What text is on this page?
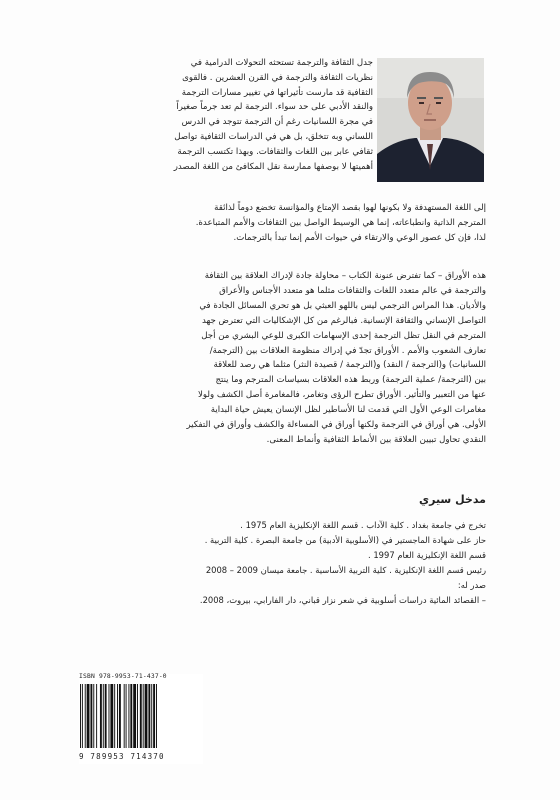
جدل الثقافة والترجمة تستحثه التحولات الدرامية في
نظريات الثقافة والترجمة في القرن العشرين . فالقوى
الثقافية قد مارست تأثيراتها في تغيير مسارات الترجمة
والنقد الأدبي على حد سواء. الترجمة لم تعد جرماً صغيراً
في مجرة اللسانيات رغم أن الترجمة تتوجد في الدرس
اللساني وبه تتخلق، بل هي في الدراسات الثقافية تواصل
ثقافي عابر بين اللغات والثقافات. وبهذا تكتسب الترجمة
أهميتها لا بوصفها ممارسة نقل المكافئ من اللغة المصدر
إلى اللغة المستهدفة ولا بكونها لهوا بقصد الإمتاع والمؤانسة تخضع دوماً لذائقة
المترجم الذاتية وانطباعاته، إنما هي الوسيط الواصل بين الثقافات والأمم المتباعدة.
لذا، فإن كل عصور الوعي والارتقاء في حيوات الأمم إنما تبدأ بالترجمات.
هذه الأوراق – كما تفترض عنونة الكتاب – محاولة جادة لإدراك العلاقة بين الثقافة
والترجمة في عالم متعدد اللغات والثقافات مثلما هو متعدد الأجناس والأعراق
والأديان. هذا المراس الترجمي ليس باللهو العبثي بل هو تحري المسائل الجادة في
التواصل الإنساني والثقافة الإنسانية. فبالرغم من كل الإشكاليات التي تعترض جهد
المترجم في النقل تظل الترجمة إحدى الإسهامات الكبرى للوعي البشري من أجل
تعارف الشعوب والأمم . الأوراق تجدّ في إدراك منظومة العلاقات بين (الترجمة/
اللسانيات) و(الترجمة / النقد) و(الترجمة / قصيدة النثر) مثلما هي رصد للعلاقة
بين (الترجمة/ عملية الترجمة) وربط هذه العلاقات بسياسات المترجم وما ينتج
عنها من التعبير والتأثير. الأوراق تطرح الرؤى وتغامر، فالمغامرة أصل الكشف ولولا
مغامرات الوعي الأول التي قدمت لنا الأساطير لظل الإنسان يعيش حياة البداية
الأولى. هي أوراق في الترجمة ولكنها أوراق في المساءلة والكشف وأوراق في التفكير
النقدي تحاول تبيين العلاقة بين الأنماط الثقافية وأنماط المعنى.
مدخل سيري
تخرج في جامعة بغداد . كلية الآداب . قسم اللغة الإنكليزية العام 1975 .
حاز على شهادة الماجستير في (الأسلوبية الأدبية) من جامعة البصرة . كلية التربية .
قسم اللغة الإنكليزية العام 1997 .
رئيس قسم اللغة الإنكليزية . كلية التربية الأساسية . جامعة ميسان 2009 – 2008
صدر له:
– القصائد المائية دراسات أسلوبية في شعر نزار قباني، دار الفارابي، بيروت، 2008.
ISBN 978-9953-71-437-0
9 789953 714370
